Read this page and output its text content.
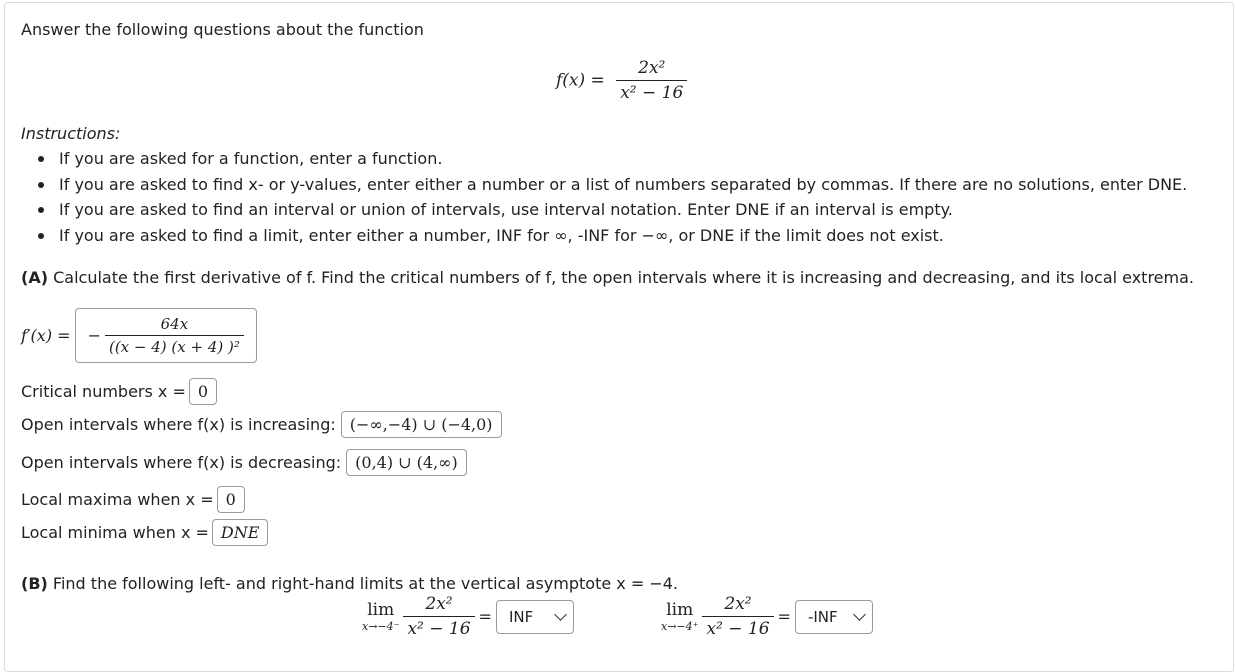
Answer the following questions about the function
$f(x) = \frac{\text{2x²}}{\text{x² − 16}}$
Instructions:
If you are asked for a function, enter a function.
If you are asked to find x- or y-values, enter either a number or a list of numbers separated by commas. If there are no solutions, enter DNE.
If you are asked to find an interval or union of intervals, use interval notation. Enter DNE if an interval is empty.
If you are asked to find a limit, enter either a number, INF for ∞, -INF for −∞, or DNE if the limit does not exist.
(A) Calculate the first derivative of f. Find the critical numbers of f, the open intervals where it is increasing and decreasing, and its local extrema.
f′(x) = − $\frac{64x}{\text{((x − 4) (x + 4) )²}}$
Critical numbers x = 0
Open intervals where f(x) is increasing: (−∞,−4) ∪ (−4,0)
Open intervals where f(x) is decreasing: (0,4) ∪ (4,∞)
Local maxima when x = 0
Local minima when x = DNE
(B) Find the following left- and right-hand limits at the vertical asymptote x = −4.
lim
$x\to-4^- \frac{\text{2x²}}{\text{x² − 16}}$ = INF	lim
$x\to-4^+ \frac{\text{2x²}}{\text{x² − 16}} = -INF$
